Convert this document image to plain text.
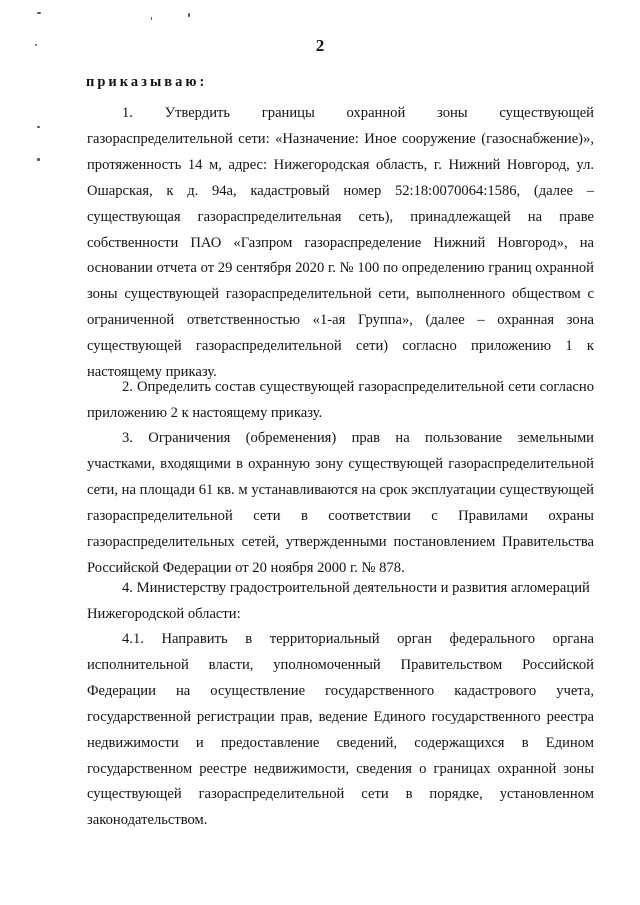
2
приказываю:

1. Утвердить границы охранной зоны существующей газораспределительной сети: «Назначение: Иное сооружение (газоснабжение)», протяженность 14 м, адрес: Нижегородская область, г. Нижний Новгород, ул. Ошарская, к д. 94а, кадастровый номер 52:18:0070064:1586, (далее – существующая газораспределительная сеть), принадлежащей на праве собственности ПАО «Газпром газораспределение Нижний Новгород», на основании отчета от 29 сентября 2020 г. № 100 по определению границ охранной зоны существующей газораспределительной сети, выполненного обществом с ограниченной ответственностью «1-ая Группа», (далее – охранная зона существующей газораспределительной сети) согласно приложению 1 к настоящему приказу.

2. Определить состав существующей газораспределительной сети согласно приложению 2 к настоящему приказу.

3. Ограничения (обременения) прав на пользование земельными участками, входящими в охранную зону существующей газораспределительной сети, на площади 61 кв. м устанавливаются на срок эксплуатации существующей газораспределительной сети в соответствии с Правилами охраны газораспределительных сетей, утвержденными постановлением Правительства Российской Федерации от 20 ноября 2000 г. № 878.

4. Министерству градостроительной деятельности и развития агломераций Нижегородской области:

4.1. Направить в территориальный орган федерального органа исполнительной власти, уполномоченный Правительством Российской Федерации на осуществление государственного кадастрового учета, государственной регистрации прав, ведение Единого государственного реестра недвижимости и предоставление сведений, содержащихся в Едином государственном реестре недвижимости, сведения о границах охранной зоны существующей газораспределительной сети в порядке, установленном законодательством.
